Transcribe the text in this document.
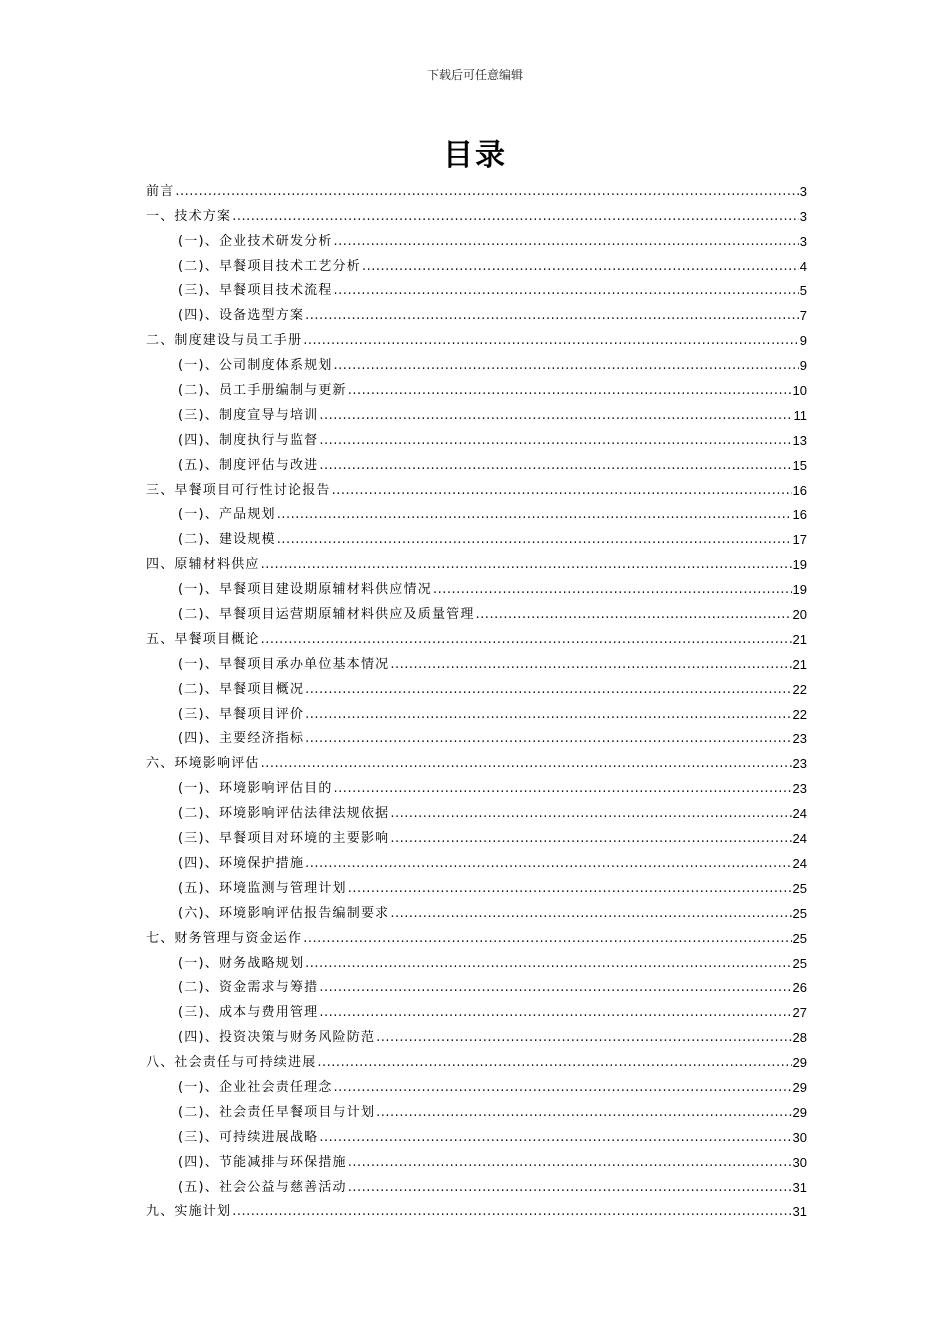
下载后可任意编辑
目录
前言 .....	3
一、技术方案 .....	3
(一)、企业技术研发分析 .....	3
(二)、早餐项目技术工艺分析 .....	4
(三)、早餐项目技术流程 .....	5
(四)、设备选型方案 .....	7
二、制度建设与员工手册 .....	9
(一)、公司制度体系规划 .....	9
(二)、员工手册编制与更新 .....	10
(三)、制度宣导与培训 .....	11
(四)、制度执行与监督 .....	13
(五)、制度评估与改进 .....	15
三、早餐项目可行性讨论报告 .....	16
(一)、产品规划 .....	16
(二)、建设规模 .....	17
四、原辅材料供应 .....	19
(一)、早餐项目建设期原辅材料供应情况 .....	19
(二)、早餐项目运营期原辅材料供应及质量管理 .....	20
五、早餐项目概论 .....	21
(一)、早餐项目承办单位基本情况 .....	21
(二)、早餐项目概况 .....	22
(三)、早餐项目评价 .....	22
(四)、主要经济指标 .....	23
六、环境影响评估 .....	23
(一)、环境影响评估目的 .....	23
(二)、环境影响评估法律法规依据 .....	24
(三)、早餐项目对环境的主要影响 .....	24
(四)、环境保护措施 .....	24
(五)、环境监测与管理计划 .....	25
(六)、环境影响评估报告编制要求 .....	25
七、财务管理与资金运作 .....	25
(一)、财务战略规划 .....	25
(二)、资金需求与筹措 .....	26
(三)、成本与费用管理 .....	27
(四)、投资决策与财务风险防范 .....	28
八、社会责任与可持续进展 .....	29
(一)、企业社会责任理念 .....	29
(二)、社会责任早餐项目与计划 .....	29
(三)、可持续进展战略 .....	30
(四)、节能减排与环保措施 .....	30
(五)、社会公益与慈善活动 .....	31
九、实施计划 .....	31
